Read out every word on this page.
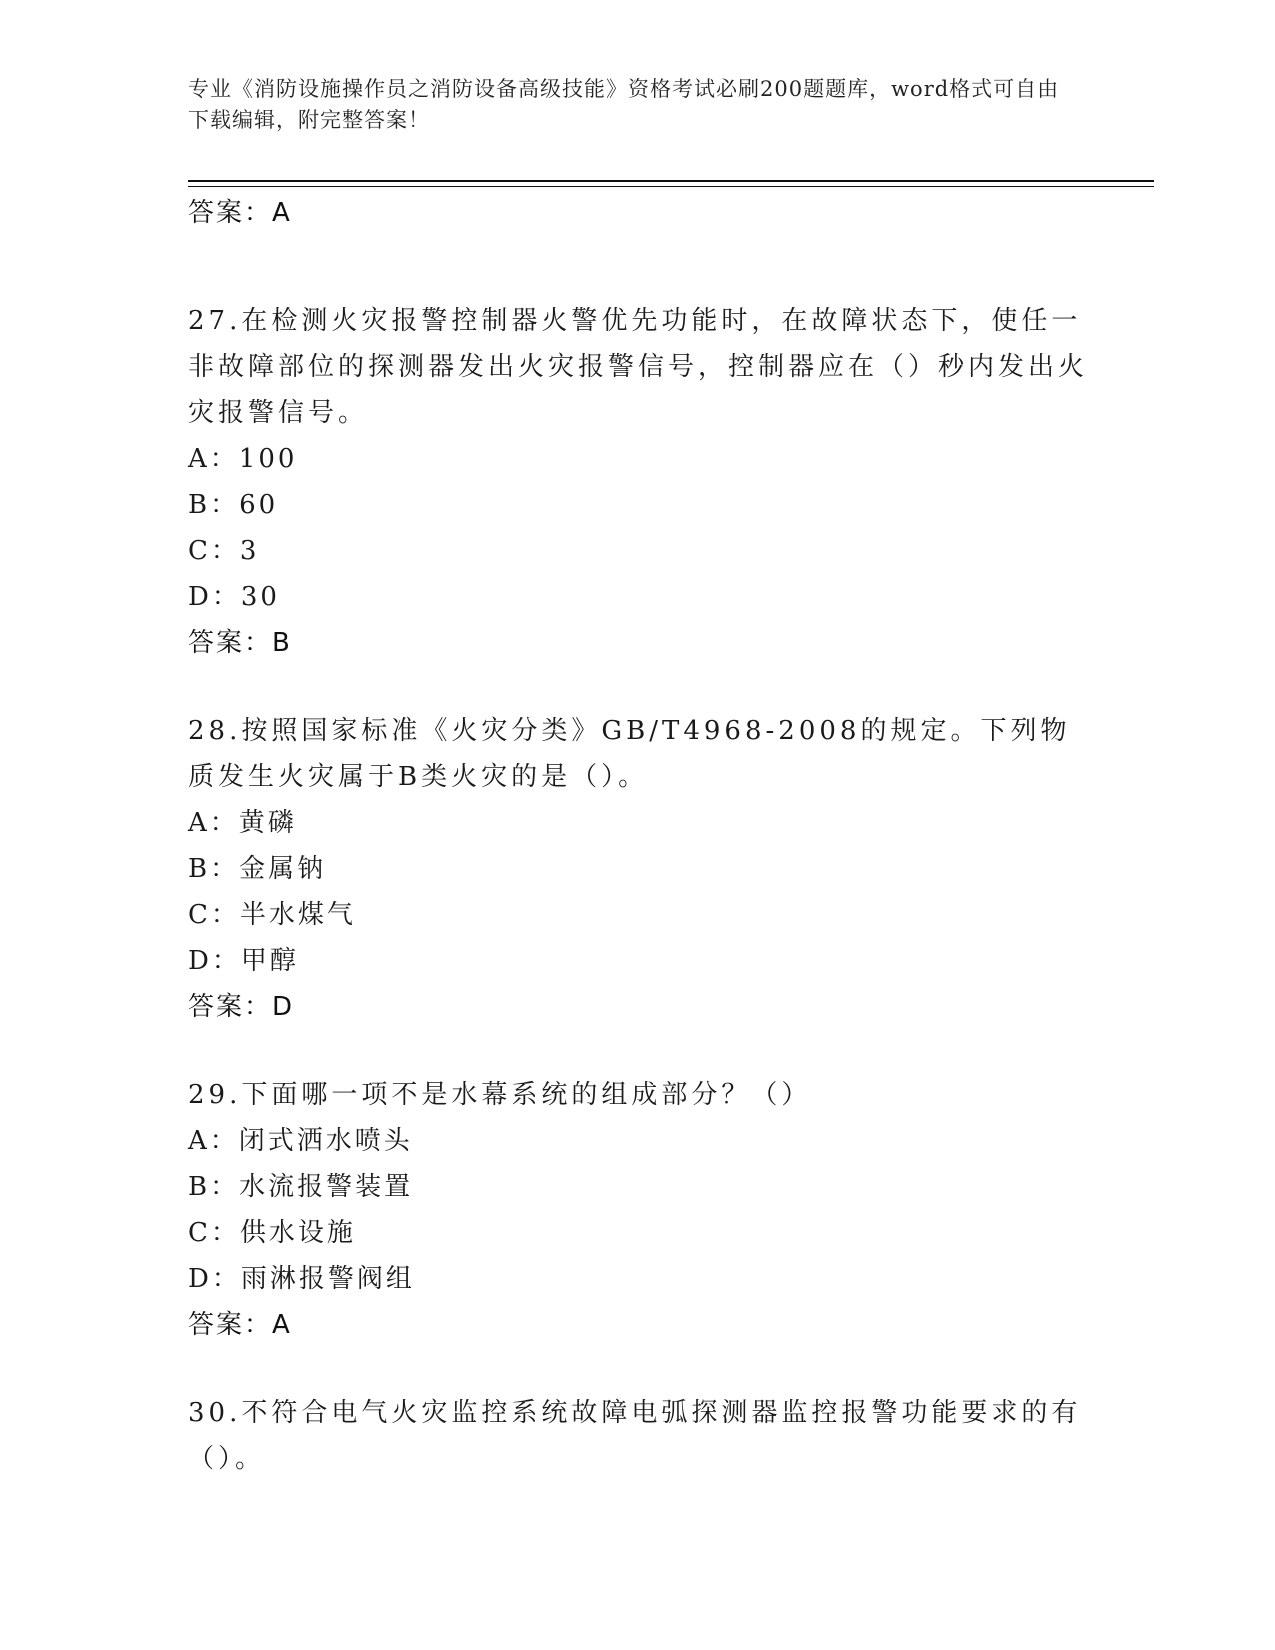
专业《消防设施操作员之消防设备高级技能》资格考试必刷200题题库，word格式可自由下载编辑，附完整答案！

答案：A

27.在检测火灾报警控制器火警优先功能时，在故障状态下，使任一非故障部位的探测器发出火灾报警信号，控制器应在（）秒内发出火灾报警信号。

A：100

B：60

C：3

D：30

答案：B

28.按照国家标准《火灾分类》GB/T4968-2008的规定。下列物质发生火灾属于B类火灾的是（）。

A：黄磷

B：金属钠

C：半水煤气

D：甲醇

答案：D

29.下面哪一项不是水幕系统的组成部分？（）

A：闭式洒水喷头

B：水流报警装置

C：供水设施

D：雨淋报警阀组

答案：A

30.不符合电气火灾监控系统故障电弧探测器监控报警功能要求的有（）。
